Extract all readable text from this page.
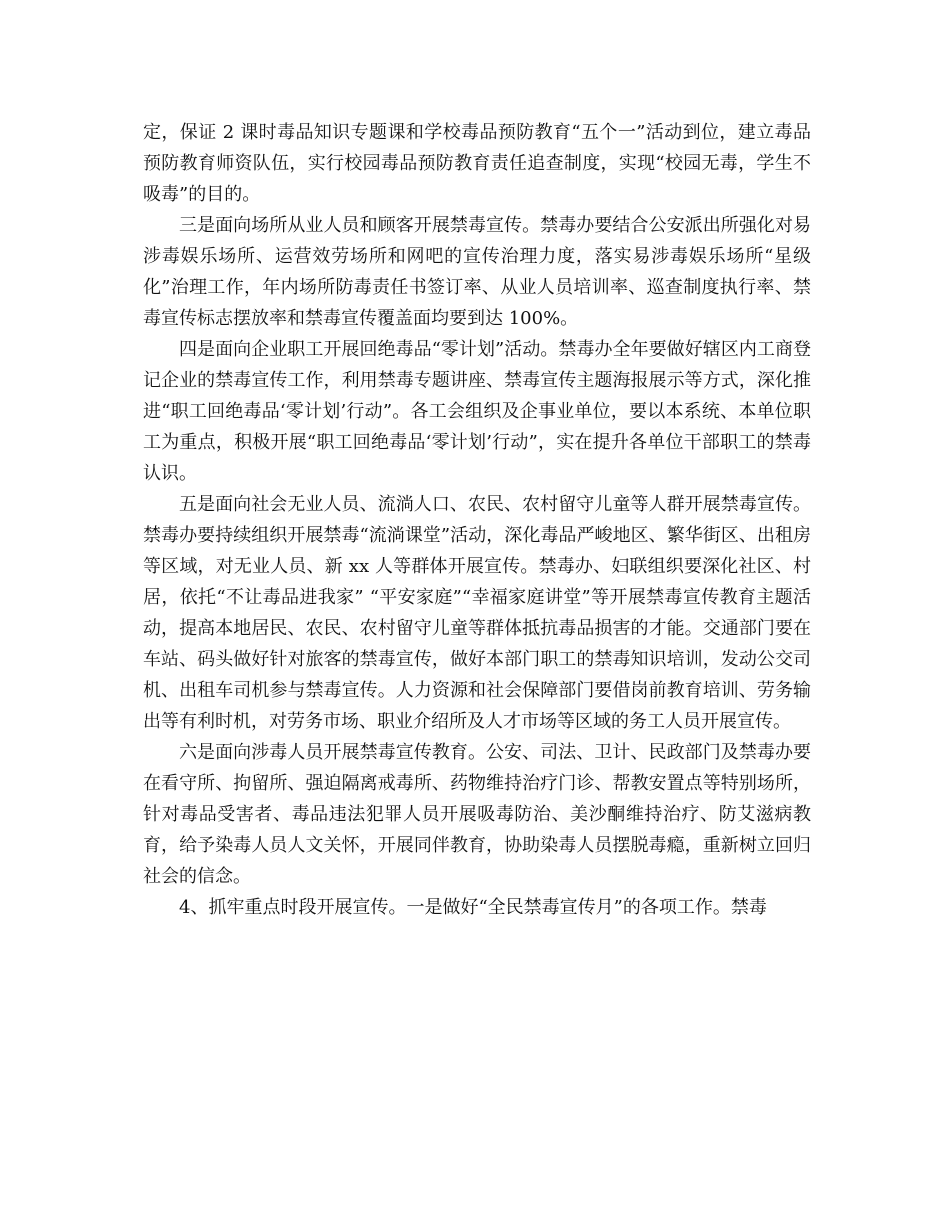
定，保证 2 课时毒品知识专题课和学校毒品预防教育“五个一”活动到位，建立毒品预防教育师资队伍，实行校园毒品预防教育责任追查制度，实现“校园无毒，学生不吸毒”的目的。

三是面向场所从业人员和顾客开展禁毒宣传。禁毒办要结合公安派出所强化对易涉毒娱乐场所、运营效劳场所和网吧的宣传治理力度，落实易涉毒娱乐场所“星级化”治理工作，年内场所防毒责任书签订率、从业人员培训率、巡查制度执行率、禁毒宣传标志摆放率和禁毒宣传覆盖面均要到达 100%。

四是面向企业职工开展回绝毒品“零计划”活动。禁毒办全年要做好辖区内工商登记企业的禁毒宣传工作，利用禁毒专题讲座、禁毒宣传主题海报展示等方式，深化推进“职工回绝毒品‘零计划’行动”。各工会组织及企事业单位，要以本系统、本单位职工为重点，积极开展“职工回绝毒品‘零计划’行动”，实在提升各单位干部职工的禁毒认识。

五是面向社会无业人员、流淌人口、农民、农村留守儿童等人群开展禁毒宣传。禁毒办要持续组织开展禁毒“流淌课堂”活动，深化毒品严峻地区、繁华街区、出租房等区域，对无业人员、新 xx 人等群体开展宣传。禁毒办、妇联组织要深化社区、村居，依托“不让毒品进我家” “平安家庭”“幸福家庭讲堂”等开展禁毒宣传教育主题活动，提高本地居民、农民、农村留守儿童等群体抵抗毒品损害的才能。交通部门要在车站、码头做好针对旅客的禁毒宣传，做好本部门职工的禁毒知识培训，发动公交司机、出租车司机参与禁毒宣传。人力资源和社会保障部门要借岗前教育培训、劳务输出等有利时机，对劳务市场、职业介绍所及人才市场等区域的务工人员开展宣传。

六是面向涉毒人员开展禁毒宣传教育。公安、司法、卫计、民政部门及禁毒办要在看守所、拘留所、强迫隔离戒毒所、药物维持治疗门诊、帮教安置点等特别场所，针对毒品受害者、毒品违法犯罪人员开展吸毒防治、美沙酮维持治疗、防艾滋病教育，给予染毒人员人文关怀，开展同伴教育，协助染毒人员摆脱毒瘾，重新树立回归社会的信念。

4、抓牢重点时段开展宣传。一是做好“全民禁毒宣传月”的各项工作。禁毒
